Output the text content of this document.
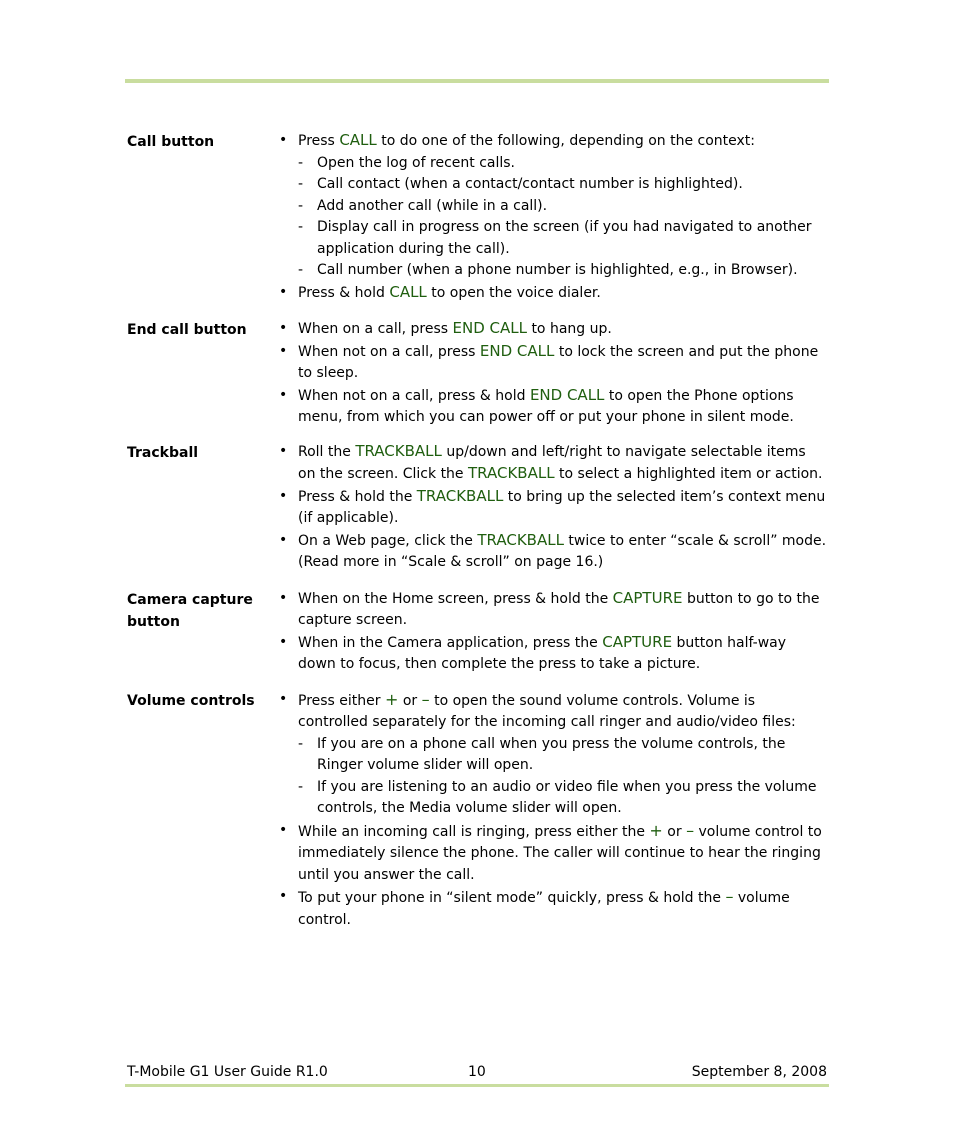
Call button	• Press CALL to do one of the following, depending on the context:
- Open the log of recent calls.
- Call contact (when a contact/contact number is highlighted).
- Add another call (while in a call).
- Display call in progress on the screen (if you had navigated to another application during the call).
- Call number (when a phone number is highlighted, e.g., in Browser).
• Press & hold CALL to open the voice dialer.
End call button	• When on a call, press END CALL to hang up.
• When not on a call, press END CALL to lock the screen and put the phone to sleep.
• When not on a call, press & hold END CALL to open the Phone options menu, from which you can power off or put your phone in silent mode.
Trackball	• Roll the TRACKBALL up/down and left/right to navigate selectable items on the screen. Click the TRACKBALL to select a highlighted item or action.
• Press & hold the TRACKBALL to bring up the selected item’s context menu (if applicable).
• On a Web page, click the TRACKBALL twice to enter “scale & scroll” mode. (Read more in “Scale & scroll” on page 16.)
Camera capture button
• When on the Home screen, press & hold the CAPTURE button to go to the capture screen.
• When in the Camera application, press the CAPTURE button half-way down to focus, then complete the press to take a picture.
Volume controls	• Press either + or – to open the sound volume controls. Volume is controlled separately for the incoming call ringer and audio/video files:
- If you are on a phone call when you press the volume controls, the Ringer volume slider will open.
- If you are listening to an audio or video file when you press the volume controls, the Media volume slider will open.
• While an incoming call is ringing, press either the + or – volume control to immediately silence the phone. The caller will continue to hear the ringing until you answer the call.
• To put your phone in “silent mode” quickly, press & hold the – volume control.
T-Mobile G1 User Guide R1.0	10	September 8, 2008
